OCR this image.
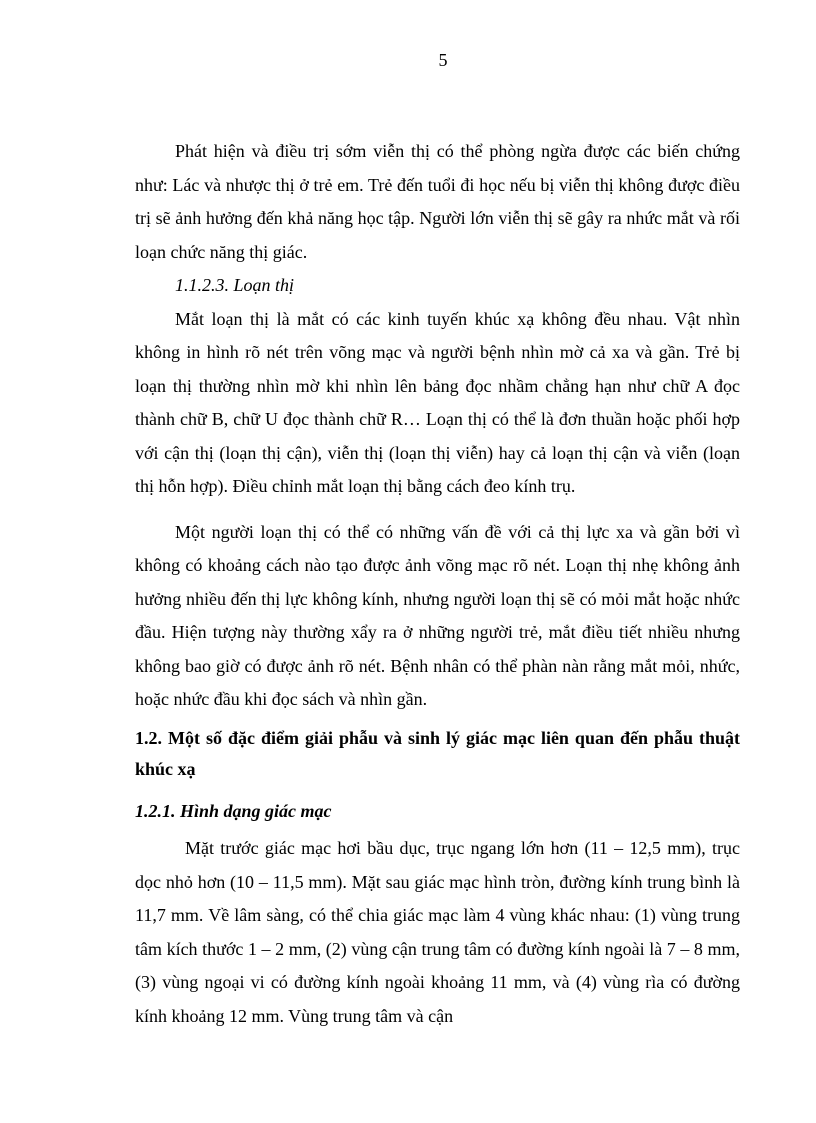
5

Phát hiện và điều trị sớm viễn thị có thể phòng ngừa được các biến chứng như: Lác và nhược thị ở trẻ em. Trẻ đến tuổi đi học nếu bị viễn thị không được điều trị sẽ ảnh hưởng đến khả năng học tập. Người lớn viễn thị sẽ gây ra nhức mắt và rối loạn chức năng thị giác.

1.1.2.3. Loạn thị

Mắt loạn thị là mắt có các kinh tuyến khúc xạ không đều nhau. Vật nhìn không in hình rõ nét trên võng mạc và người bệnh nhìn mờ cả xa và gần. Trẻ bị loạn thị thường nhìn mờ khi nhìn lên bảng đọc nhầm chẳng hạn như chữ A đọc thành chữ B, chữ U đọc thành chữ R… Loạn thị có thể là đơn thuần hoặc phối hợp với cận thị (loạn thị cận), viễn thị (loạn thị viễn) hay cả loạn thị cận và viễn (loạn thị hỗn hợp). Điều chỉnh mắt loạn thị bằng cách đeo kính trụ.

Một người loạn thị có thể có những vấn đề với cả thị lực xa và gần bởi vì không có khoảng cách nào tạo được ảnh võng mạc rõ nét. Loạn thị nhẹ không ảnh hưởng nhiều đến thị lực không kính, nhưng người loạn thị sẽ có mỏi mắt hoặc nhức đầu. Hiện tượng này thường xẩy ra ở những người trẻ, mắt điều tiết nhiều nhưng không bao giờ có được ảnh rõ nét. Bệnh nhân có thể phàn nàn rằng mắt mỏi, nhức, hoặc nhức đầu khi đọc sách và nhìn gần.

1.2. Một số đặc điểm giải phẫu và sinh lý giác mạc liên quan đến phẫu thuật khúc xạ

1.2.1. Hình dạng giác mạc

Mặt trước giác mạc hơi bầu dục, trục ngang lớn hơn (11 – 12,5 mm), trục dọc nhỏ hơn (10 – 11,5 mm). Mặt sau giác mạc hình tròn, đường kính trung bình là 11,7 mm. Về lâm sàng, có thể chia giác mạc làm 4 vùng khác nhau: (1) vùng trung tâm kích thước 1 – 2 mm, (2) vùng cận trung tâm có đường kính ngoài là 7 – 8 mm, (3) vùng ngoại vi có đường kính ngoài khoảng 11 mm, và (4) vùng rìa có đường kính khoảng 12 mm. Vùng trung tâm và cận
